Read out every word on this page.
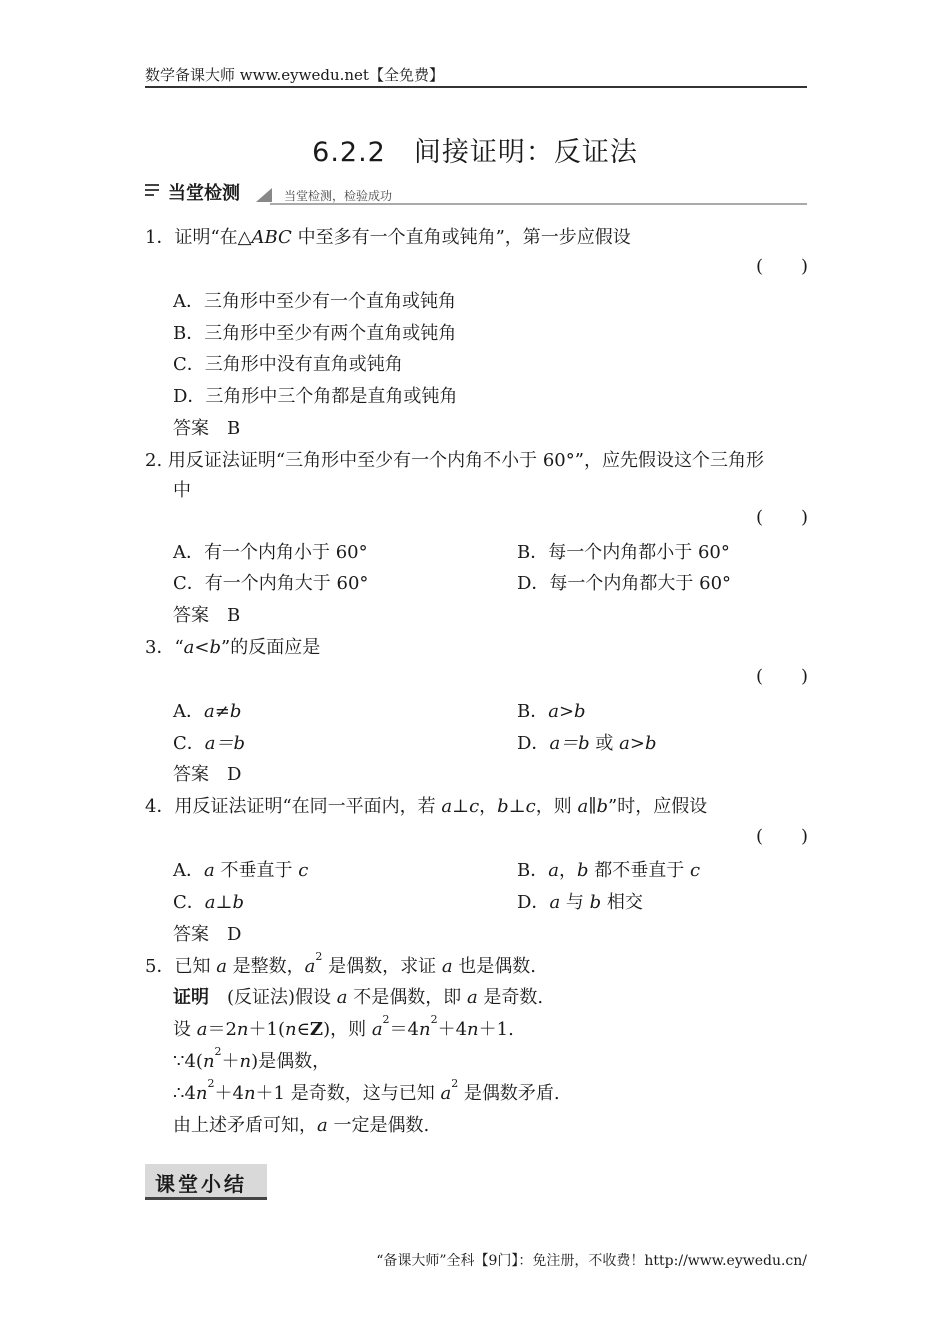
数学备课大师 www.eywedu.net【全免费】
6.2.2　间接证明：反证法
当堂检测	当堂检测，检验成功
1．证明“在△ABC 中至多有一个直角或钝角”，第一步应假设
( )
A．三角形中至少有一个直角或钝角
B．三角形中至少有两个直角或钝角
C．三角形中没有直角或钝角
D．三角形中三个角都是直角或钝角
答案　 B
2. 用反证法证明“三角形中至少有一个内角不小于 60°”，应先假设这个三角形
中
( )
A．有一个内角小于 60°	B．每一个内角都小于 60°
C．有一个内角大于 60°	D．每一个内角都大于 60°
答案　 B
3．“a<b”的反面应是
( )
A．a≠b	B．a>b
C．a＝b	D．a＝b 或 a>b
答案　 D
4．用反证法证明“在同一平面内，若 a⊥c，b⊥c，则 a∥b”时，应假设
( )
A．a 不垂直于 c	B．a，b 都不垂直于 c
C．a⊥b	D．a 与 b 相交
答案　 D
5．已知 a 是整数，$a^2$ 是偶数，求证 a 也是偶数.
证明　 (反证法)假设 a 不是偶数，即 a 是奇数.
设 a＝2n＋1(n∈Z)，则 $a^2=4n^2+4n+1$.
$\because 4(n^2+n)$是偶数，
$\therefore 4n^2+4n+1$ 是奇数，这与已知 $a^2$ 是偶数矛盾.
由上述矛盾可知，a 一定是偶数.
课堂小结
“备课大师”全科【9门】：免注册，不收费！http://www.eywedu.cn/
